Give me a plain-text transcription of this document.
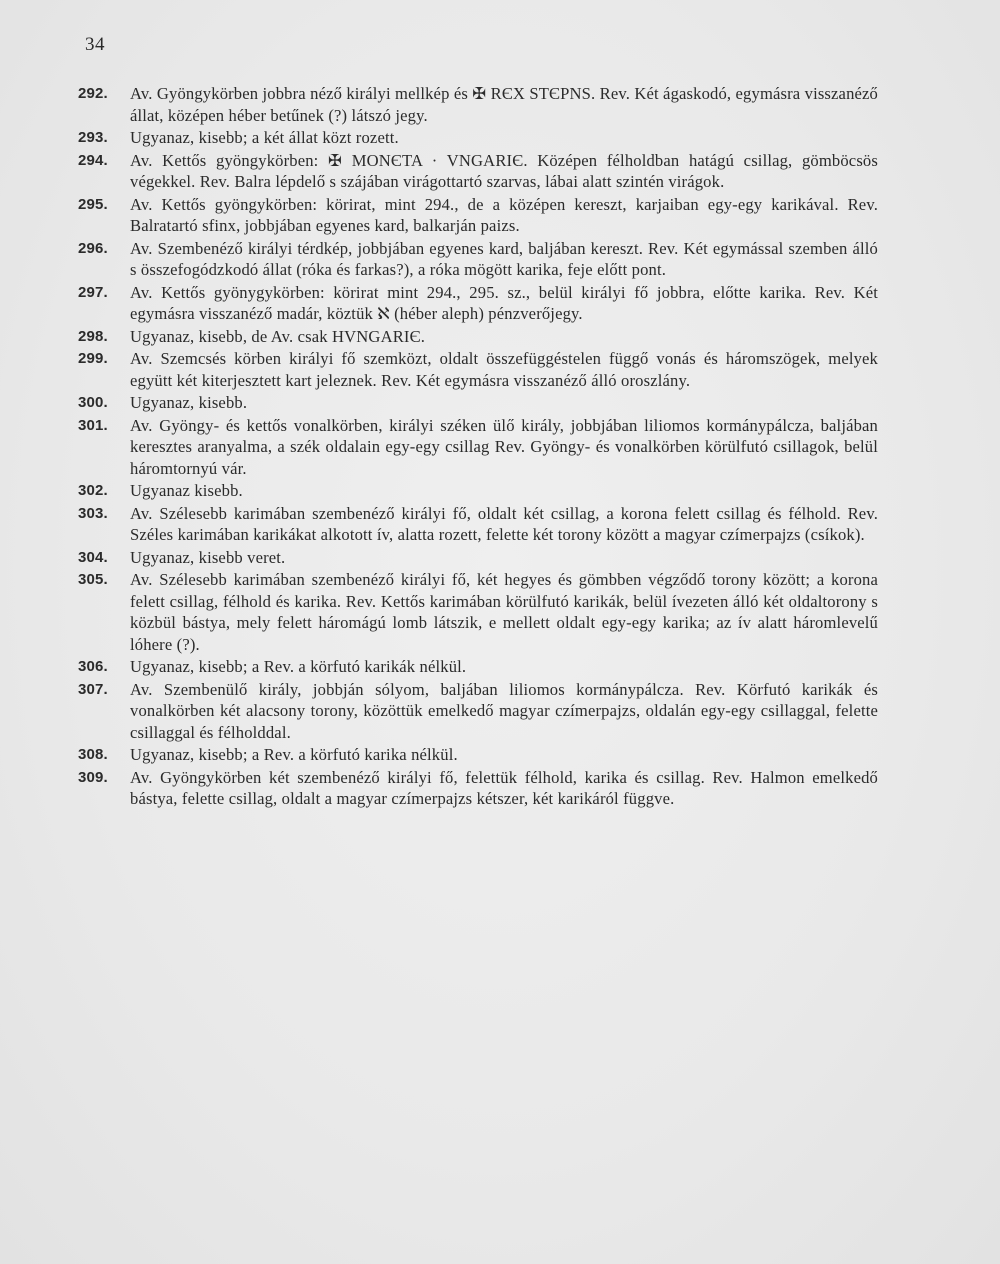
34
292. Av. Gyöngykörben jobbra néző királyi mellkép és ✠ RЄX STЄPNS. Rev. Két ágaskodó, egymásra visszanéző állat, középen héber betűnek (?) látszó jegy.
293. Ugyanaz, kisebb; a két állat közt rozett.
294. Av. Kettős gyöngykörben: ✠ MONЄTA · VNGARIЄ. Középen félholdban hatágú csillag, gömböcsös végekkel. Rev. Balra lépdelő s szájában virágottartó szarvas, lábai alatt szintén virágok.
295. Av. Kettős gyöngykörben: körirat, mint 294., de a középen kereszt, karjaiban egy-egy karikával. Rev. Balratartó sfinx, jobbjában egyenes kard, balkarján paizs.
296. Av. Szembenéző királyi térdkép, jobbjában egyenes kard, baljában kereszt. Rev. Két egymással szemben álló s összefogódzkodó állat (róka és farkas?), a róka mögött karika, feje előtt pont.
297. Av. Kettős gyönygykörben: körirat mint 294., 295. sz., belül királyi fő jobbra, előtte karika. Rev. Két egymásra visszanéző madár, köztük ℵ (héber aleph) pénzverőjegy.
298. Ugyanaz, kisebb, de Av. csak HVNGARIЄ.
299. Av. Szemcsés körben királyi fő szemközt, oldalt összefüggéstelen függő vonás és háromszögek, melyek együtt két kiterjesztett kart jeleznek. Rev. Két egymásra visszanéző álló oroszlány.
300. Ugyanaz, kisebb.
301. Av. Gyöngy- és kettős vonalkörben, királyi széken ülő király, jobbjában liliomos kormánypálcza, baljában keresztes aranyalma, a szék oldalain egy-egy csillag Rev. Gyöngy- és vonalkörben körülfutó csillagok, belül háromtornyú vár.
302. Ugyanaz kisebb.
303. Av. Szélesebb karimában szembenéző királyi fő, oldalt két csillag, a korona felett csillag és félhold. Rev. Széles karimában karikákat alkotott ív, alatta rozett, felette két torony között a magyar czímerpajzs (csíkok).
304. Ugyanaz, kisebb veret.
305. Av. Szélesebb karimában szembenéző királyi fő, két hegyes és gömbben végződő torony között; a korona felett csillag, félhold és karika. Rev. Kettős karimában körülfutó karikák, belül ívezeten álló két oldaltorony s közbül bástya, mely felett háromágú lomb látszik, e mellett oldalt egy-egy karika; az ív alatt háromlevelű lóhere (?).
306. Ugyanaz, kisebb; a Rev. a körfutó karikák nélkül.
307. Av. Szembenülő király, jobbján sólyom, baljában liliomos kormánypálcza. Rev. Körfutó karikák és vonalkörben két alacsony torony, közöttük emelkedő magyar czímerpajzs, oldalán egy-egy csillaggal, felette csillaggal és félholddal.
308. Ugyanaz, kisebb; a Rev. a körfutó karika nélkül.
309. Av. Gyöngykörben két szembenéző királyi fő, felettük félhold, karika és csillag. Rev. Halmon emelkedő bástya, felette csillag, oldalt a magyar czímerpajzs kétszer, két karikáról függve.
